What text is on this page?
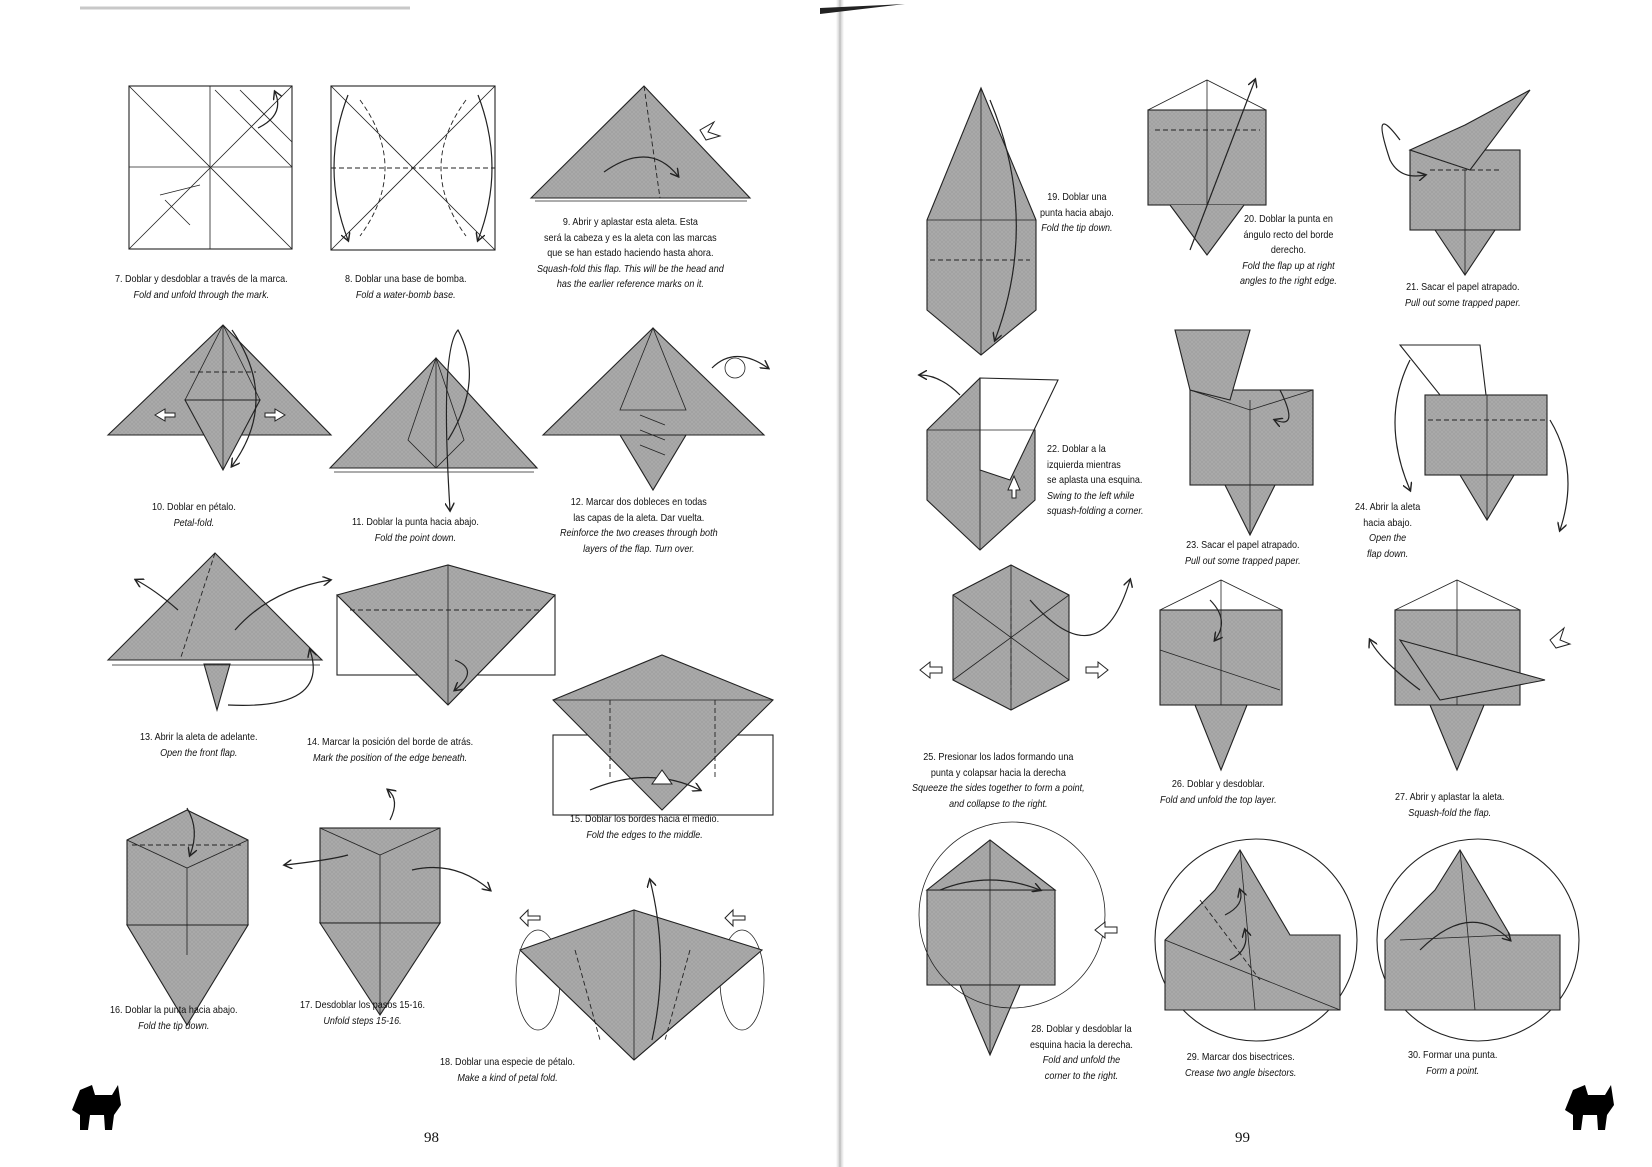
7. Doblar y desdoblar a través de la marca.
Fold and unfold through the mark.
8. Doblar una base de bomba.
Fold a water-bomb base.
9. Abrir y aplastar esta aleta. Esta
será la cabeza y es la aleta con las marcas
que se han estado haciendo hasta ahora.
Squash-fold this flap. This will be the head and
has the earlier reference marks on it.
10. Doblar en pétalo.
Petal-fold.	11. Doblar la punta hacia abajo.
Fold the point down.
12. Marcar dos dobleces en todas
las capas de la aleta. Dar vuelta.
Reinforce the two creases through both
layers of the flap. Turn over.
13. Abrir la aleta de adelante.
Open the front flap.
14. Marcar la posición del borde de atrás.
Mark the position of the edge beneath.
15. Doblar los bordes hacia el medio.
Fold the edges to the middle.
16. Doblar la punta hacia abajo.
Fold the tip down.
17. Desdoblar los pasos 15-16.
Unfold steps 15-16.
18. Doblar una especie de pétalo.
Make a kind of petal fold.
19. Doblar una
punta hacia abajo.
Fold the tip down.
20. Doblar la punta en
ángulo recto del borde
derecho.
Fold the flap up at right
angles to the right edge.	21. Sacar el papel atrapado.
Pull out some trapped paper.
22. Doblar a la
izquierda mientras
se aplasta una esquina.
Swing to the left while
squash-folding a corner.
23. Sacar el papel atrapado.
Pull out some trapped paper.
24. Abrir la aleta
hacia abajo.
Open the
flap down.
25. Presionar los lados formando una
punta y colapsar hacia la derecha
Squeeze the sides together to form a point,
and collapse to the right.
26. Doblar y desdoblar.
Fold and unfold the top layer.	27. Abrir y aplastar la aleta.
Squash-fold the flap.
28. Doblar y desdoblar la
esquina hacia la derecha.
Fold and unfold the
corner to the right.
29. Marcar dos bisectrices.
Crease two angle bisectors.
30. Formar una punta.
Form a point.
98	99
